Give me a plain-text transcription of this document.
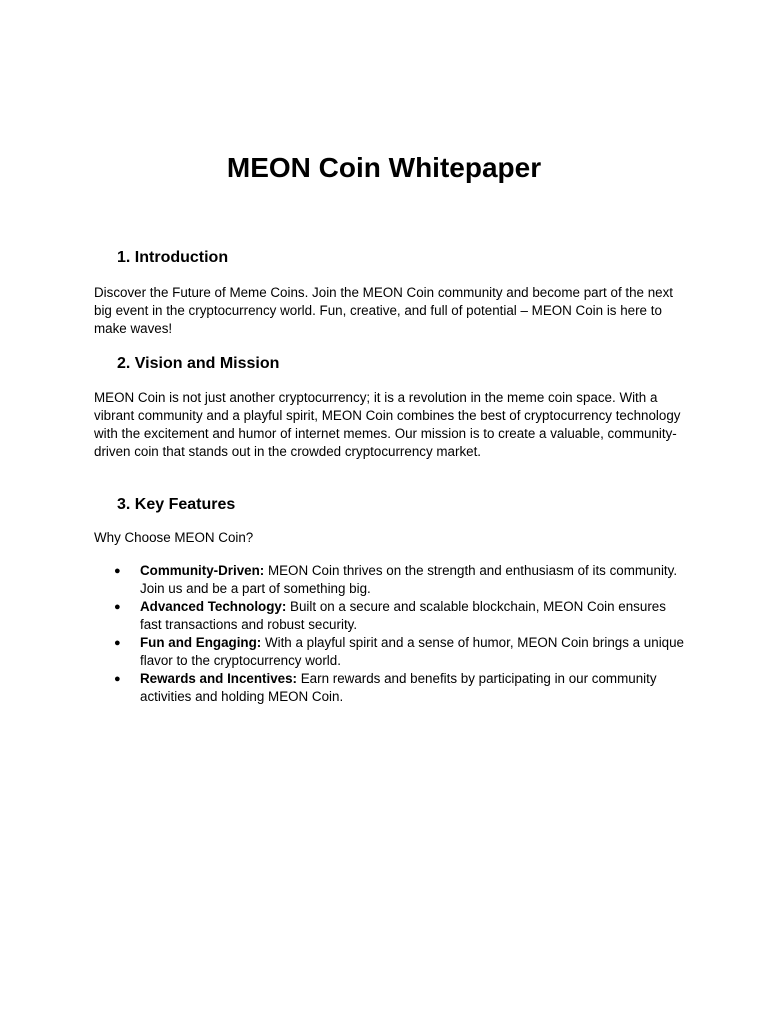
MEON Coin Whitepaper
1. Introduction

Discover the Future of Meme Coins. Join the MEON Coin community and become part of the next big event in the cryptocurrency world. Fun, creative, and full of potential – MEON Coin is here to make waves!

2. Vision and Mission

MEON Coin is not just another cryptocurrency; it is a revolution in the meme coin space. With a vibrant community and a playful spirit, MEON Coin combines the best of cryptocurrency technology with the excitement and humor of internet memes. Our mission is to create a valuable, community-driven coin that stands out in the crowded cryptocurrency market.

3. Key Features

Why Choose MEON Coin?

● Community-Driven: MEON Coin thrives on the strength and enthusiasm of its community. Join us and be a part of something big.
● Advanced Technology: Built on a secure and scalable blockchain, MEON Coin ensures fast transactions and robust security.
● Fun and Engaging: With a playful spirit and a sense of humor, MEON Coin brings a unique flavor to the cryptocurrency world.
● Rewards and Incentives: Earn rewards and benefits by participating in our community activities and holding MEON Coin.
